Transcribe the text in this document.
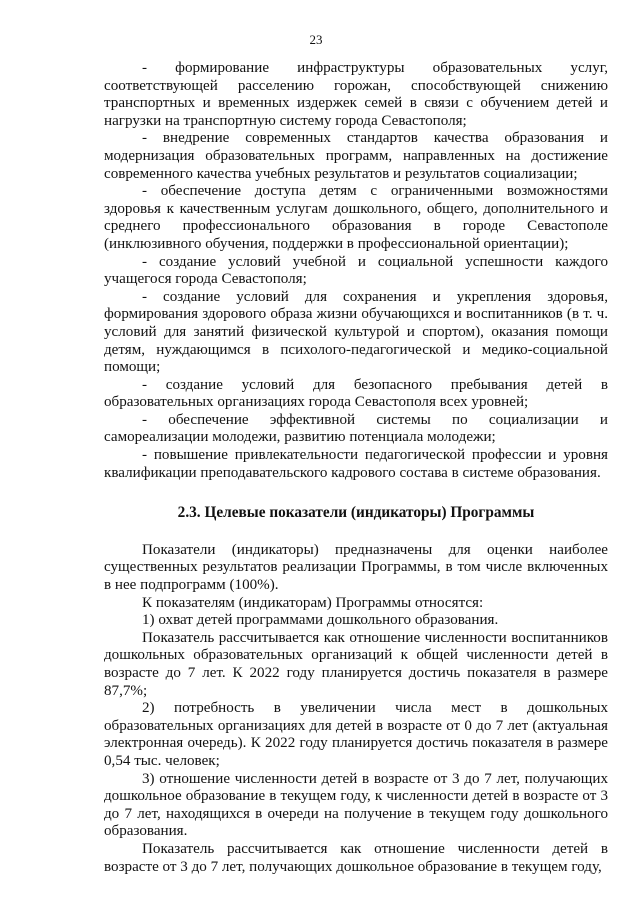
23

- формирование инфраструктуры образовательных услуг, соответствующей расселению горожан, способствующей снижению транспортных и временных издержек семей в связи с обучением детей и нагрузки на транспортную систему города Севастополя;

- внедрение современных стандартов качества образования и модернизация образовательных программ, направленных на достижение современного качества учебных результатов и результатов социализации;

- обеспечение доступа детям с ограниченными возможностями здоровья к качественным услугам дошкольного, общего, дополнительного и среднего профессионального образования в городе Севастополе (инклюзивного обучения, поддержки в профессиональной ориентации);

- создание условий учебной и социальной успешности каждого учащегося города Севастополя;

- создание условий для сохранения и укрепления здоровья, формирования здорового образа жизни обучающихся и воспитанников (в т. ч. условий для занятий физической культурой и спортом), оказания помощи детям, нуждающимся в психолого-педагогической и медико-социальной помощи;

- создание условий для безопасного пребывания детей в образовательных организациях города Севастополя всех уровней;

- обеспечение эффективной системы по социализации и самореализации молодежи, развитию потенциала молодежи;

- повышение привлекательности педагогической профессии и уровня квалификации преподавательского кадрового состава в системе образования.

2.3. Целевые показатели (индикаторы) Программы

Показатели (индикаторы) предназначены для оценки наиболее существенных результатов реализации Программы, в том числе включенных в нее подпрограмм (100%).

К показателям (индикаторам) Программы относятся:

1) охват детей программами дошкольного образования.

Показатель рассчитывается как отношение численности воспитанников дошкольных образовательных организаций к общей численности детей в возрасте до 7 лет. К 2022 году планируется достичь показателя в размере 87,7%;

2) потребность в увеличении числа мест в дошкольных образовательных организациях для детей в возрасте от 0 до 7 лет (актуальная электронная очередь). К 2022 году планируется достичь показателя в размере 0,54 тыс. человек;

3) отношение численности детей в возрасте от 3 до 7 лет, получающих дошкольное образование в текущем году, к численности детей в возрасте от 3 до 7 лет, находящихся в очереди на получение в текущем году дошкольного образования.

Показатель рассчитывается как отношение численности детей в возрасте от 3 до 7 лет, получающих дошкольное образование в текущем году,
